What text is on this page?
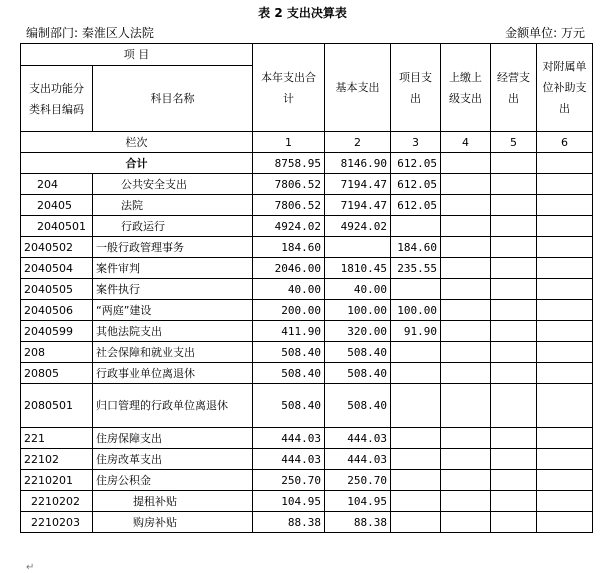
表 2 支出决算表
编制部门: 秦淮区人法院	金额单位: 万元
项 目		本年支出合计	基本支出	项目支出	上缴上级支出	经营支出	对附属单位补助支出
支出功能分类科目编码	科目名称						
栏次		1	2	3	4	5	6
合计		8758.95	8146.90	612.05			
204	公共安全支出	7806.52	7194.47	612.05			
20405	法院	7806.52	7194.47	612.05			
2040501	行政运行	4924.02	4924.02				
2040502	一般行政管理事务	184.60		184.60			
2040504	案件审判	2046.00	1810.45	235.55			
2040505	案件执行	40.00	40.00				
2040506	“两庭”建设	200.00	100.00	100.00			
2040599	其他法院支出	411.90	320.00	91.90			
208	社会保障和就业支出	508.40	508.40				
20805	行政事业单位离退休	508.40	508.40				
2080501	归口管理的行政单位离退休	508.40	508.40				
221	住房保障支出	444.03	444.03				
22102	住房改革支出	444.03	444.03				
2210201	住房公积金	250.70	250.70				
2210202	提租补贴	104.95	104.95				
2210203	购房补贴	88.38	88.38				
↵
